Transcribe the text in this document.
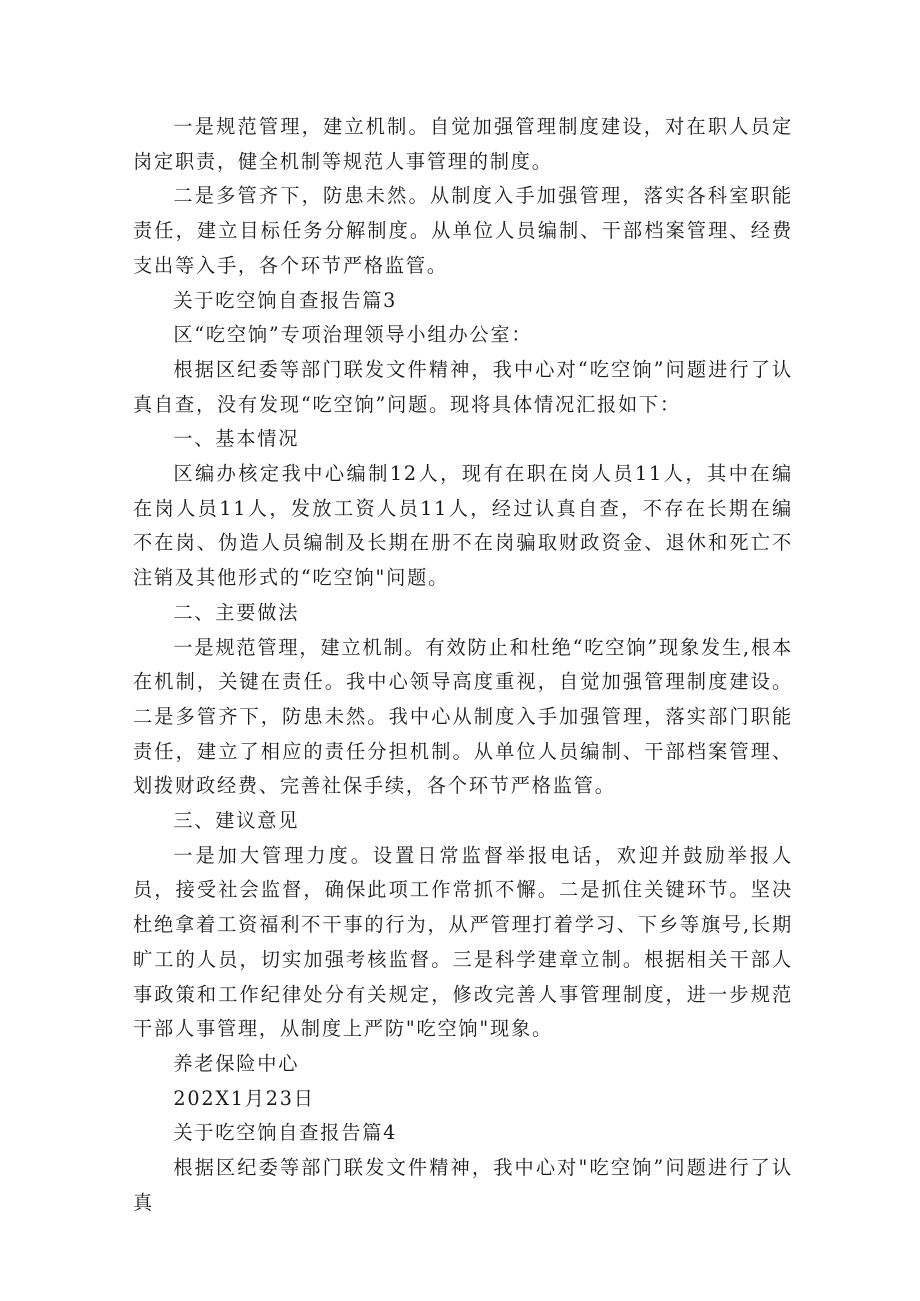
一是规范管理，建立机制。自觉加强管理制度建设，对在职人员定岗定职责，健全机制等规范人事管理的制度。

二是多管齐下，防患未然。从制度入手加强管理，落实各科室职能责任，建立目标任务分解制度。从单位人员编制、干部档案管理、经费支出等入手，各个环节严格监管。

关于吃空饷自查报告篇3

区“吃空饷”专项治理领导小组办公室：

根据区纪委等部门联发文件精神，我中心对“吃空饷”问题进行了认真自查，没有发现“吃空饷”问题。现将具体情况汇报如下：

一、基本情况

区编办核定我中心编制12人，现有在职在岗人员11人，其中在编在岗人员11人，发放工资人员11人，经过认真自查，不存在长期在编不在岗、伪造人员编制及长期在册不在岗骗取财政资金、退休和死亡不注销及其他形式的“吃空饷"问题。

二、主要做法

一是规范管理，建立机制。有效防止和杜绝“吃空饷”现象发生,根本在机制，关键在责任。我中心领导高度重视，自觉加强管理制度建设。二是多管齐下，防患未然。我中心从制度入手加强管理，落实部门职能责任，建立了相应的责任分担机制。从单位人员编制、干部档案管理、划拨财政经费、完善社保手续，各个环节严格监管。

三、建议意见

一是加大管理力度。设置日常监督举报电话，欢迎并鼓励举报人员，接受社会监督，确保此项工作常抓不懈。二是抓住关键环节。坚决杜绝拿着工资福利不干事的行为，从严管理打着学习、下乡等旗号,长期旷工的人员，切实加强考核监督。三是科学建章立制。根据相关干部人事政策和工作纪律处分有关规定，修改完善人事管理制度，进一步规范干部人事管理，从制度上严防"吃空饷"现象。

养老保险中心

202X1月23日

关于吃空饷自查报告篇4

根据区纪委等部门联发文件精神，我中心对"吃空饷”问题进行了认真
